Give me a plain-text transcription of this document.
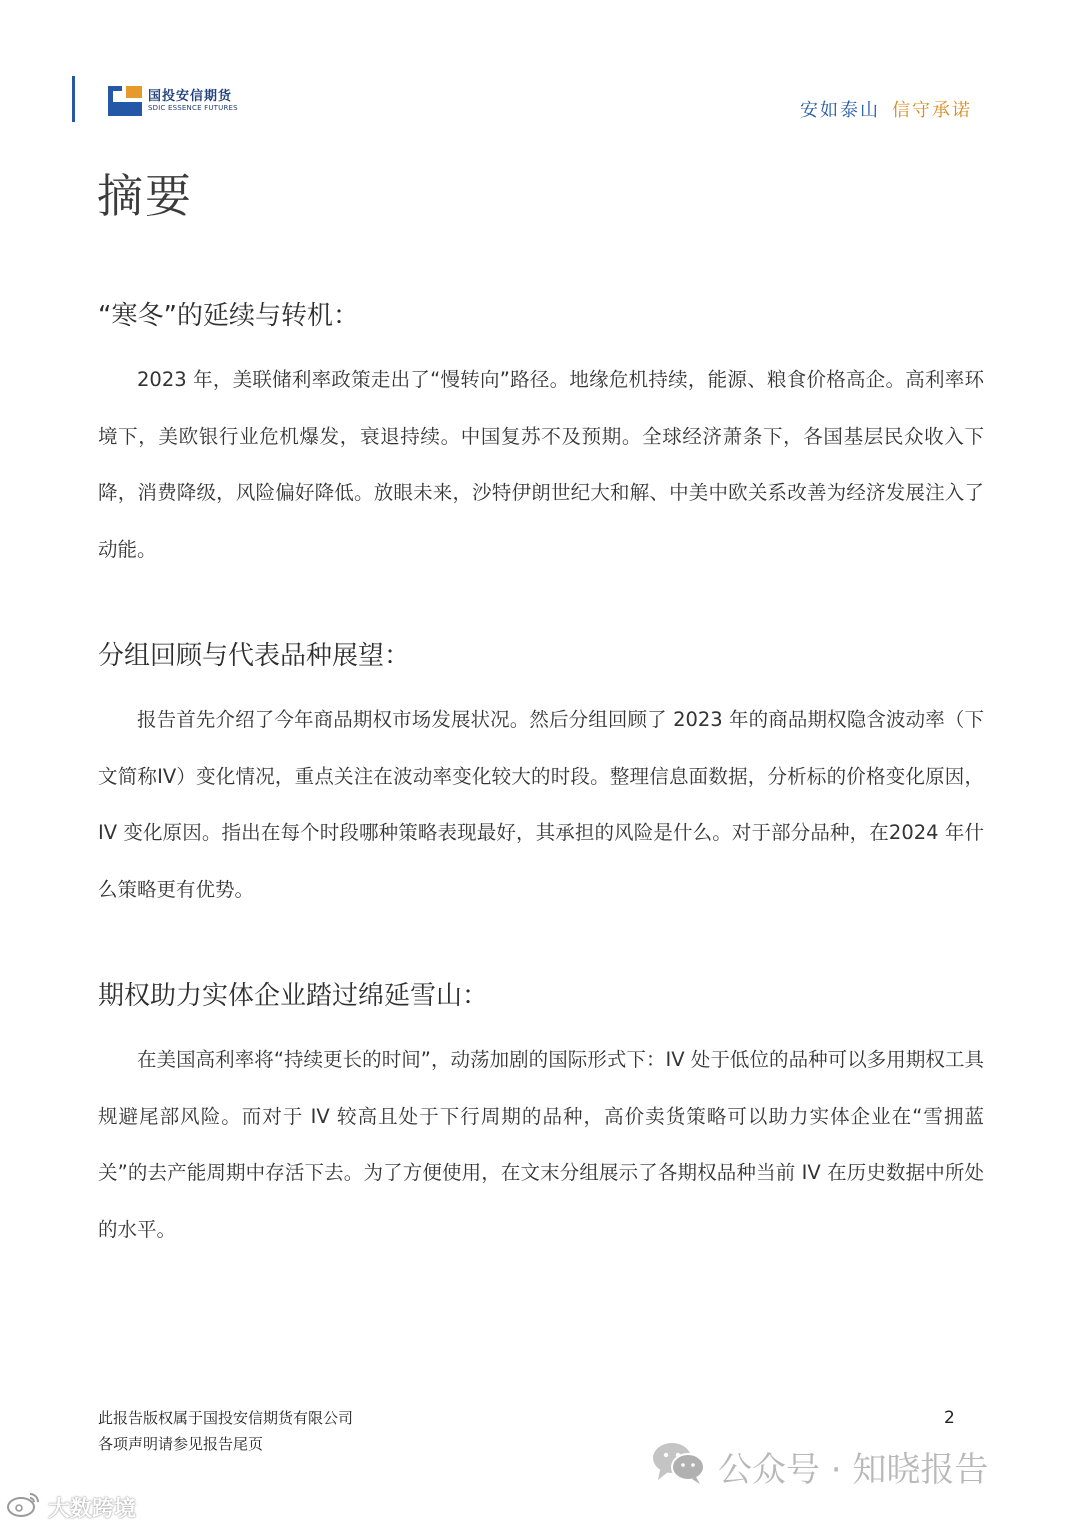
国投安信期货
SDIC ESSENCE FUTURES	安如泰山 信守承诺
摘要
“寒冬”的延续与转机：

2023 年，美联储利率政策走出了“慢转向”路径。地缘危机持续，能源、粮食价格高企。高利率环境下，美欧银行业危机爆发，衰退持续。中国复苏不及预期。全球经济萧条下，各国基层民众收入下降，消费降级，风险偏好降低。放眼未来，沙特伊朗世纪大和解、中美中欧关系改善为经济发展注入了动能。

分组回顾与代表品种展望：

报告首先介绍了今年商品期权市场发展状况。然后分组回顾了 2023 年的商品期权隐含波动率（下文简称IV）变化情况，重点关注在波动率变化较大的时段。整理信息面数据，分析标的价格变化原因，IV 变化原因。指出在每个时段哪种策略表现最好，其承担的风险是什么。对于部分品种，在2024 年什么策略更有优势。

期权助力实体企业踏过绵延雪山：

在美国高利率将“持续更长的时间”，动荡加剧的国际形式下：IV 处于低位的品种可以多用期权工具规避尾部风险。而对于 IV 较高且处于下行周期的品种，高价卖货策略可以助力实体企业在“雪拥蓝关”的去产能周期中存活下去。为了方便使用，在文末分组展示了各期权品种当前 IV 在历史数据中所处的水平。

此报告版权属于国投安信期货有限公司
各项声明请参见报告尾页
2
公众号 · 知晓报告
大数跨境
